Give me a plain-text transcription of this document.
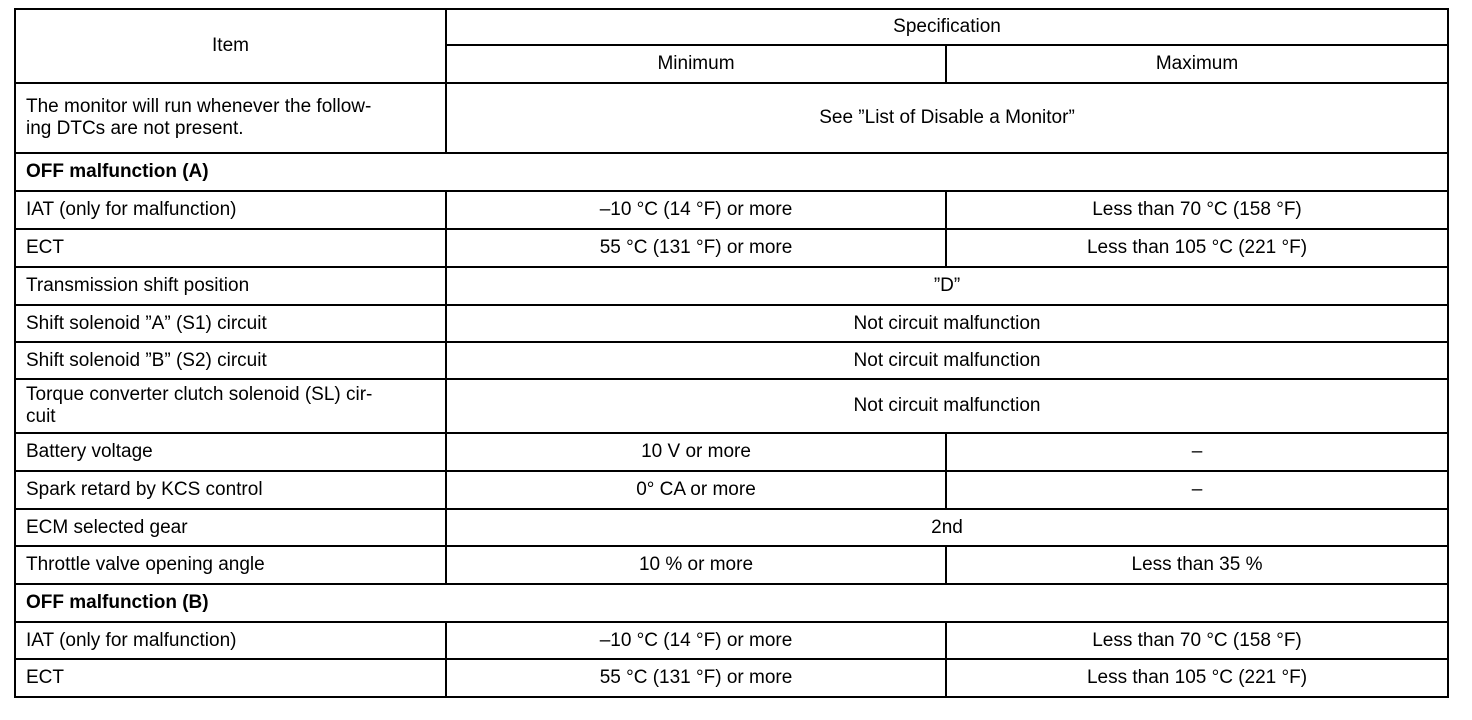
Item	Specification	
	Minimum	Maximum
The monitor will run whenever the follow-
ing DTCs are not present.	See ”List of Disable a Monitor”	
OFF malfunction (A)		
IAT (only for malfunction)	–10 °C (14 °F) or more	Less than 70 °C (158 °F)
ECT	55 °C (131 °F) or more	Less than 105 °C (221 °F)
Transmission shift position	”D”	
Shift solenoid ”A” (S1) circuit	Not circuit malfunction	
Shift solenoid ”B” (S2) circuit	Not circuit malfunction	
Torque converter clutch solenoid (SL) cir-
cuit	Not circuit malfunction	
Battery voltage	10 V or more	–
Spark retard by KCS control	0° CA or more	–
ECM selected gear	2nd	
Throttle valve opening angle	10 % or more	Less than 35 %
OFF malfunction (B)		
IAT (only for malfunction)	–10 °C (14 °F) or more	Less than 70 °C (158 °F)
ECT	55 °C (131 °F) or more	Less than 105 °C (221 °F)
